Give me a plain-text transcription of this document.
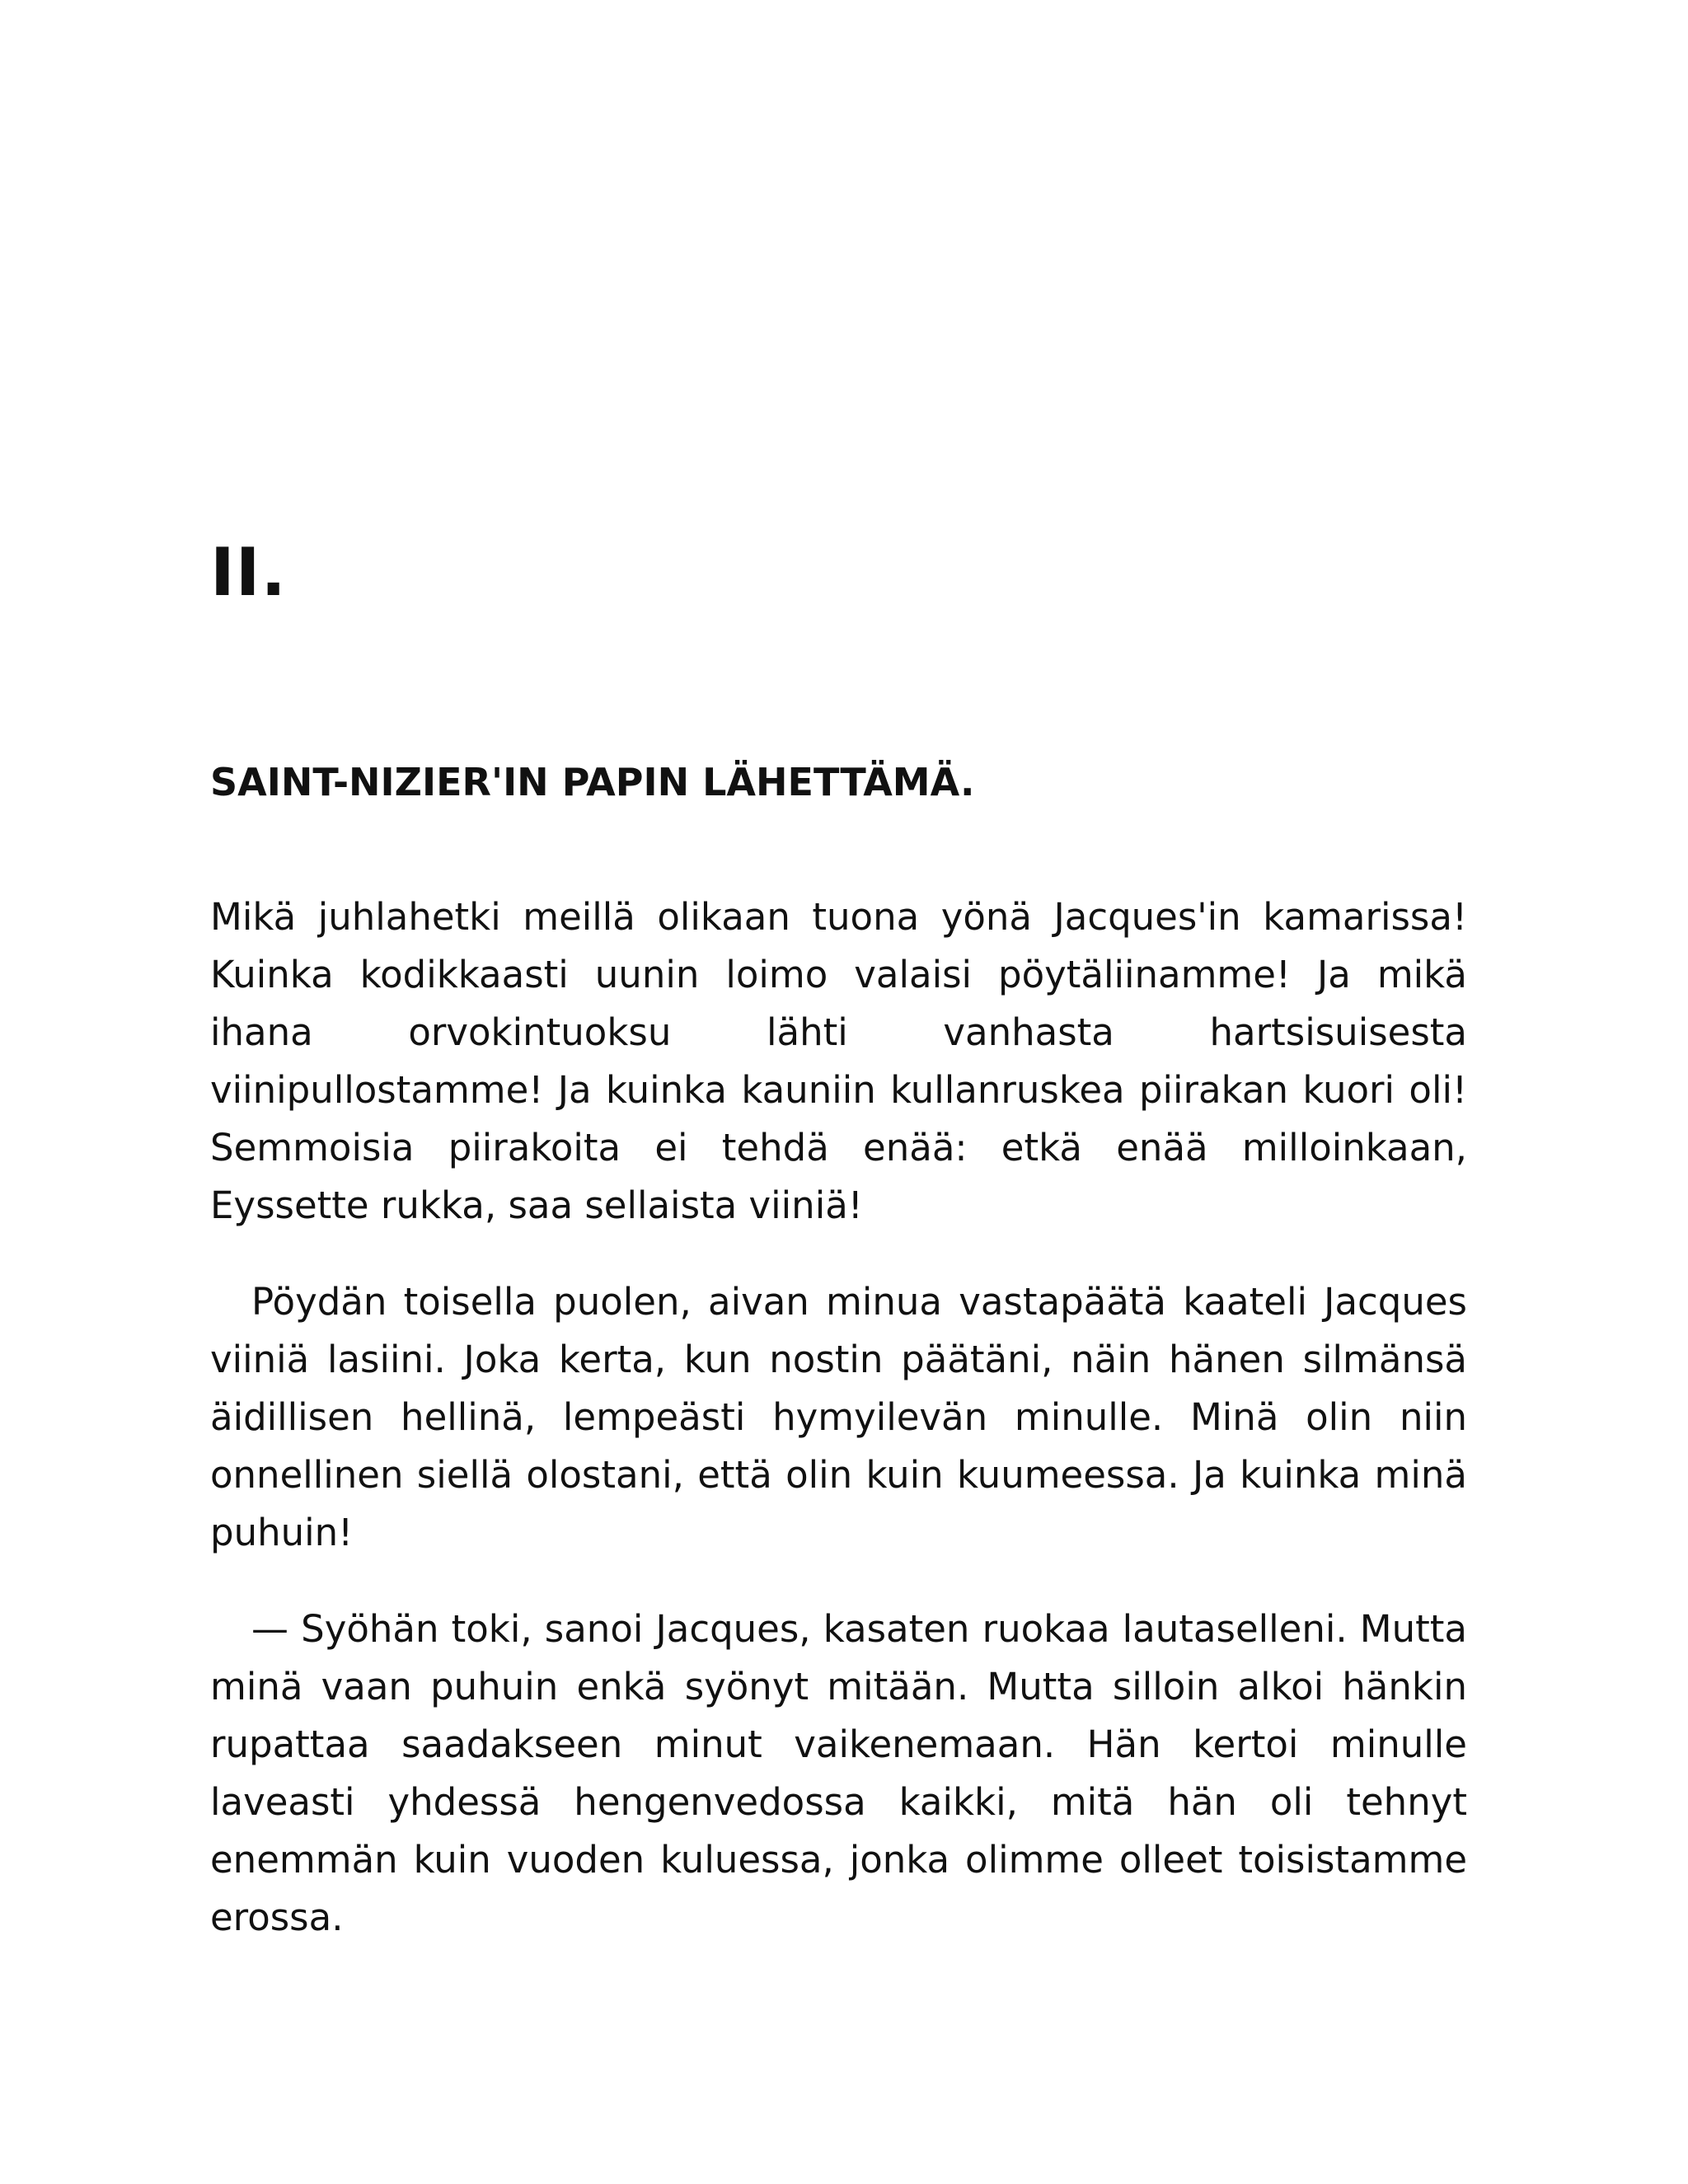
II.
SAINT-NIZIER'IN PAPIN LÄHETTÄMÄ.

Mikä juhlahetki meillä olikaan tuona yönä Jacques'in kamarissa! Kuinka kodikkaasti uunin loimo valaisi pöytäliinamme! Ja mikä ihana orvokintuoksu lähti vanhasta hartsisuisesta viinipullostamme! Ja kuinka kauniin kullanruskea piirakan kuori oli! Semmoisia piirakoita ei tehdä enää: etkä enää milloinkaan, Eyssette rukka, saa sellaista viiniä!

Pöydän toisella puolen, aivan minua vastapäätä kaateli Jacques viiniä lasiini. Joka kerta, kun nostin päätäni, näin hänen silmänsä äidillisen hellinä, lempeästi hymyilevän minulle. Minä olin niin onnellinen siellä olostani, että olin kuin kuumeessa. Ja kuinka minä puhuin!

— Syöhän toki, sanoi Jacques, kasaten ruokaa lautaselleni. Mutta minä vaan puhuin enkä syönyt mitään. Mutta silloin alkoi hänkin rupattaa saadakseen minut vaikenemaan. Hän kertoi minulle laveasti yhdessä hengenvedossa kaikki, mitä hän oli tehnyt enemmän kuin vuoden kuluessa, jonka olimme olleet toisistamme erossa.
